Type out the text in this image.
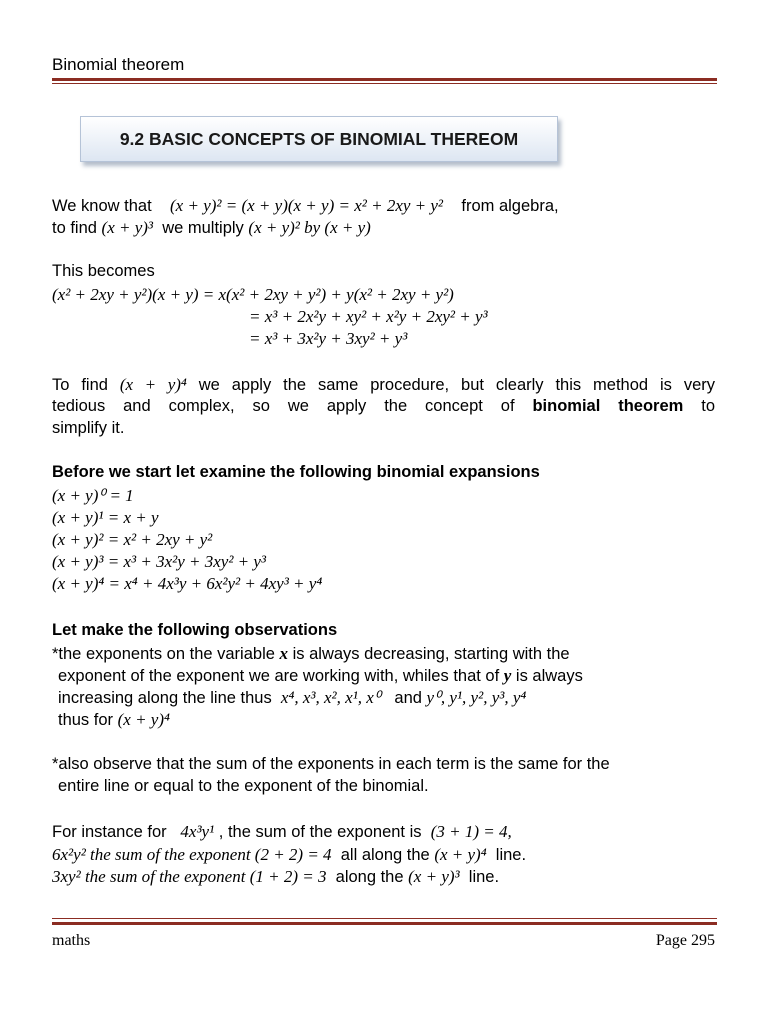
Binomial theorem
9.2 BASIC CONCEPTS OF BINOMIAL THEREOM
We know that (x + y)² = (x + y)(x + y) = x² + 2xy + y² from algebra,
to find (x + y)³ we multiply (x + y)² by (x + y)
This becomes
(x² + 2xy + y²)(x + y) = x(x² + 2xy + y²) + y(x² + 2xy + y²)
= x³ + 2x²y + xy² + x²y + 2xy² + y³
= x³ + 3x²y + 3xy² + y³
To find (x + y)⁴ we apply the same procedure, but clearly this method is very
tedious and complex, so we apply the concept of binomial theorem to
simplify it.
Before we start let examine the following binomial expansions
(x + y)⁰ = 1
(x + y)¹ = x + y
(x + y)² = x² + 2xy + y²
(x + y)³ = x³ + 3x²y + 3xy² + y³
(x + y)⁴ = x⁴ + 4x³y + 6x²y² + 4xy³ + y⁴
Let make the following observations
*the exponents on the variable x is always decreasing, starting with the
exponent of the exponent we are working with, whiles that of y is always
increasing along the line thus x⁴, x³, x², x¹, x⁰ and y⁰, y¹, y², y³, y⁴
thus for (x + y)⁴
*also observe that the sum of the exponents in each term is the same for the
entire line or equal to the exponent of the binomial.
For instance for 4x³y¹ , the sum of the exponent is (3 + 1) = 4,
6x²y² the sum of the exponent (2 + 2) = 4 all along the (x + y)⁴ line.
3xy² the sum of the exponent (1 + 2) = 3 along the (x + y)³ line.
maths	Page 295
